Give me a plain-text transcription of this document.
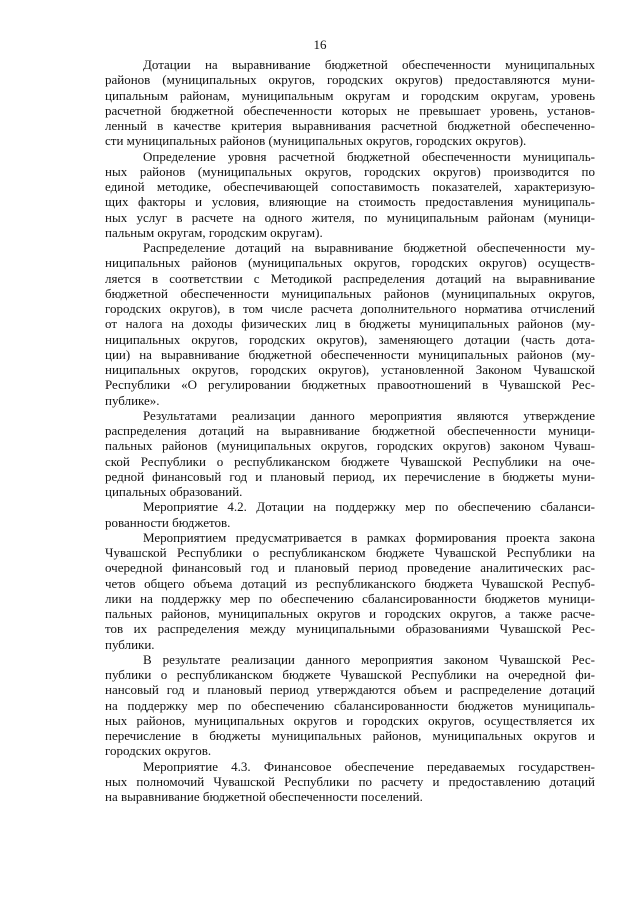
16

Дотации на выравнивание бюджетной обеспеченности муниципальных
районов (муниципальных округов, городских округов) предоставляются муни-
ципальным районам, муниципальным округам и городским округам, уровень
расчетной бюджетной обеспеченности которых не превышает уровень, установ-
ленный в качестве критерия выравнивания расчетной бюджетной обеспеченно-
сти муниципальных районов (муниципальных округов, городских округов).

Определение уровня расчетной бюджетной обеспеченности муниципаль-
ных районов (муниципальных округов, городских округов) производится по
единой методике, обеспечивающей сопоставимость показателей, характеризую-
щих факторы и условия, влияющие на стоимость предоставления муниципаль-
ных услуг в расчете на одного жителя, по муниципальным районам (муници-
пальным округам, городским округам).

Распределение дотаций на выравнивание бюджетной обеспеченности му-
ниципальных районов (муниципальных округов, городских округов) осуществ-
ляется в соответствии с Методикой распределения дотаций на выравнивание
бюджетной обеспеченности муниципальных районов (муниципальных округов,
городских округов), в том числе расчета дополнительного норматива отчислений
от налога на доходы физических лиц в бюджеты муниципальных районов (му-
ниципальных округов, городских округов), заменяющего дотации (часть дота-
ции) на выравнивание бюджетной обеспеченности муниципальных районов (му-
ниципальных округов, городских округов), установленной Законом Чувашской
Республики «О регулировании бюджетных правоотношений в Чувашской Рес-
публике».

Результатами реализации данного мероприятия являются утверждение
распределения дотаций на выравнивание бюджетной обеспеченности муници-
пальных районов (муниципальных округов, городских округов) законом Чуваш-
ской Республики о республиканском бюджете Чувашской Республики на оче-
редной финансовый год и плановый период, их перечисление в бюджеты муни-
ципальных образований.

Мероприятие 4.2. Дотации на поддержку мер по обеспечению сбаланси-
рованности бюджетов.

Мероприятием предусматривается в рамках формирования проекта закона
Чувашской Республики о республиканском бюджете Чувашской Республики на
очередной финансовый год и плановый период проведение аналитических рас-
четов общего объема дотаций из республиканского бюджета Чувашской Респуб-
лики на поддержку мер по обеспечению сбалансированности бюджетов муници-
пальных районов, муниципальных округов и городских округов, а также расче-
тов их распределения между муниципальными образованиями Чувашской Рес-
публики.

В результате реализации данного мероприятия законом Чувашской Рес-
публики о республиканском бюджете Чувашской Республики на очередной фи-
нансовый год и плановый период утверждаются объем и распределение дотаций
на поддержку мер по обеспечению сбалансированности бюджетов муниципаль-
ных районов, муниципальных округов и городских округов, осуществляется их
перечисление в бюджеты муниципальных районов, муниципальных округов и
городских округов.

Мероприятие 4.3. Финансовое обеспечение передаваемых государствен-
ных полномочий Чувашской Республики по расчету и предоставлению дотаций
на выравнивание бюджетной обеспеченности поселений.
